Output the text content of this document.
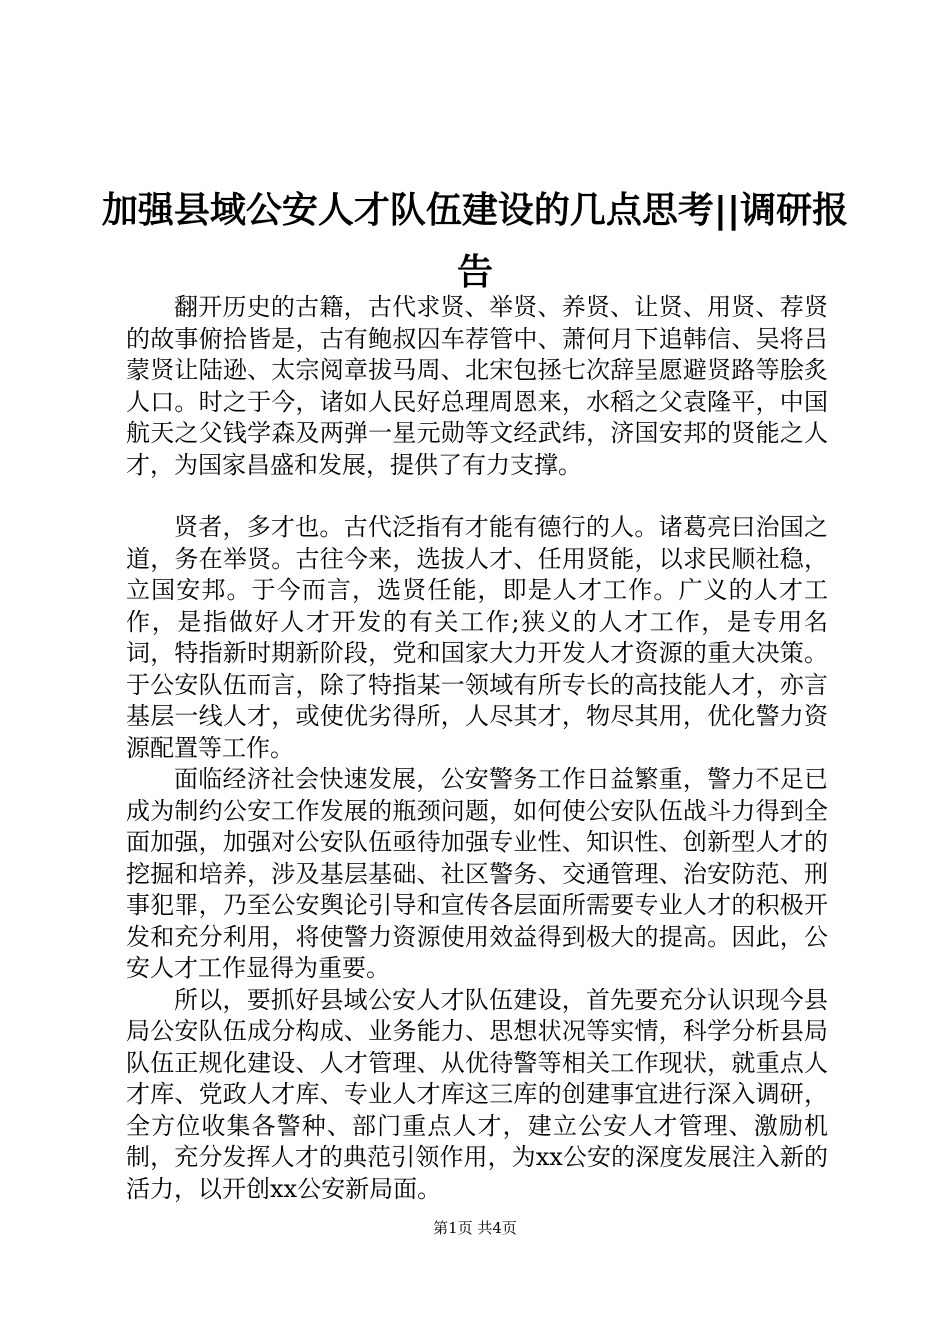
加强县域公安人才队伍建设的几点思考||调研报告

翻开历史的古籍，古代求贤、举贤、养贤、让贤、用贤、荐贤的故事俯拾皆是，古有鲍叔囚车荐管中、萧何月下追韩信、吴将吕蒙贤让陆逊、太宗阅章拔马周、北宋包拯七次辞呈愿避贤路等脍炙人口。时之于今，诸如人民好总理周恩来，水稻之父袁隆平，中国航天之父钱学森及两弹一星元勋等文经武纬，济国安邦的贤能之人才，为国家昌盛和发展，提供了有力支撑。

贤者，多才也。古代泛指有才能有德行的人。诸葛亮曰治国之道，务在举贤。古往今来，选拔人才、任用贤能，以求民顺社稳，立国安邦。于今而言，选贤任能，即是人才工作。广义的人才工作，是指做好人才开发的有关工作;狭义的人才工作，是专用名词，特指新时期新阶段，党和国家大力开发人才资源的重大决策。于公安队伍而言，除了特指某一领域有所专长的高技能人才，亦言基层一线人才，或使优劣得所，人尽其才，物尽其用，优化警力资源配置等工作。

面临经济社会快速发展，公安警务工作日益繁重，警力不足已成为制约公安工作发展的瓶颈问题，如何使公安队伍战斗力得到全面加强，加强对公安队伍亟待加强专业性、知识性、创新型人才的挖掘和培养，涉及基层基础、社区警务、交通管理、治安防范、刑事犯罪，乃至公安舆论引导和宣传各层面所需要专业人才的积极开发和充分利用，将使警力资源使用效益得到极大的提高。因此，公安人才工作显得为重要。

所以，要抓好县域公安人才队伍建设，首先要充分认识现今县局公安队伍成分构成、业务能力、思想状况等实情，科学分析县局队伍正规化建设、人才管理、从优待警等相关工作现状，就重点人才库、党政人才库、专业人才库这三库的创建事宜进行深入调研，全方位收集各警种、部门重点人才，建立公安人才管理、激励机制，充分发挥人才的典范引领作用，为xx公安的深度发展注入新的活力，以开创xx公安新局面。

第1页 共4页
